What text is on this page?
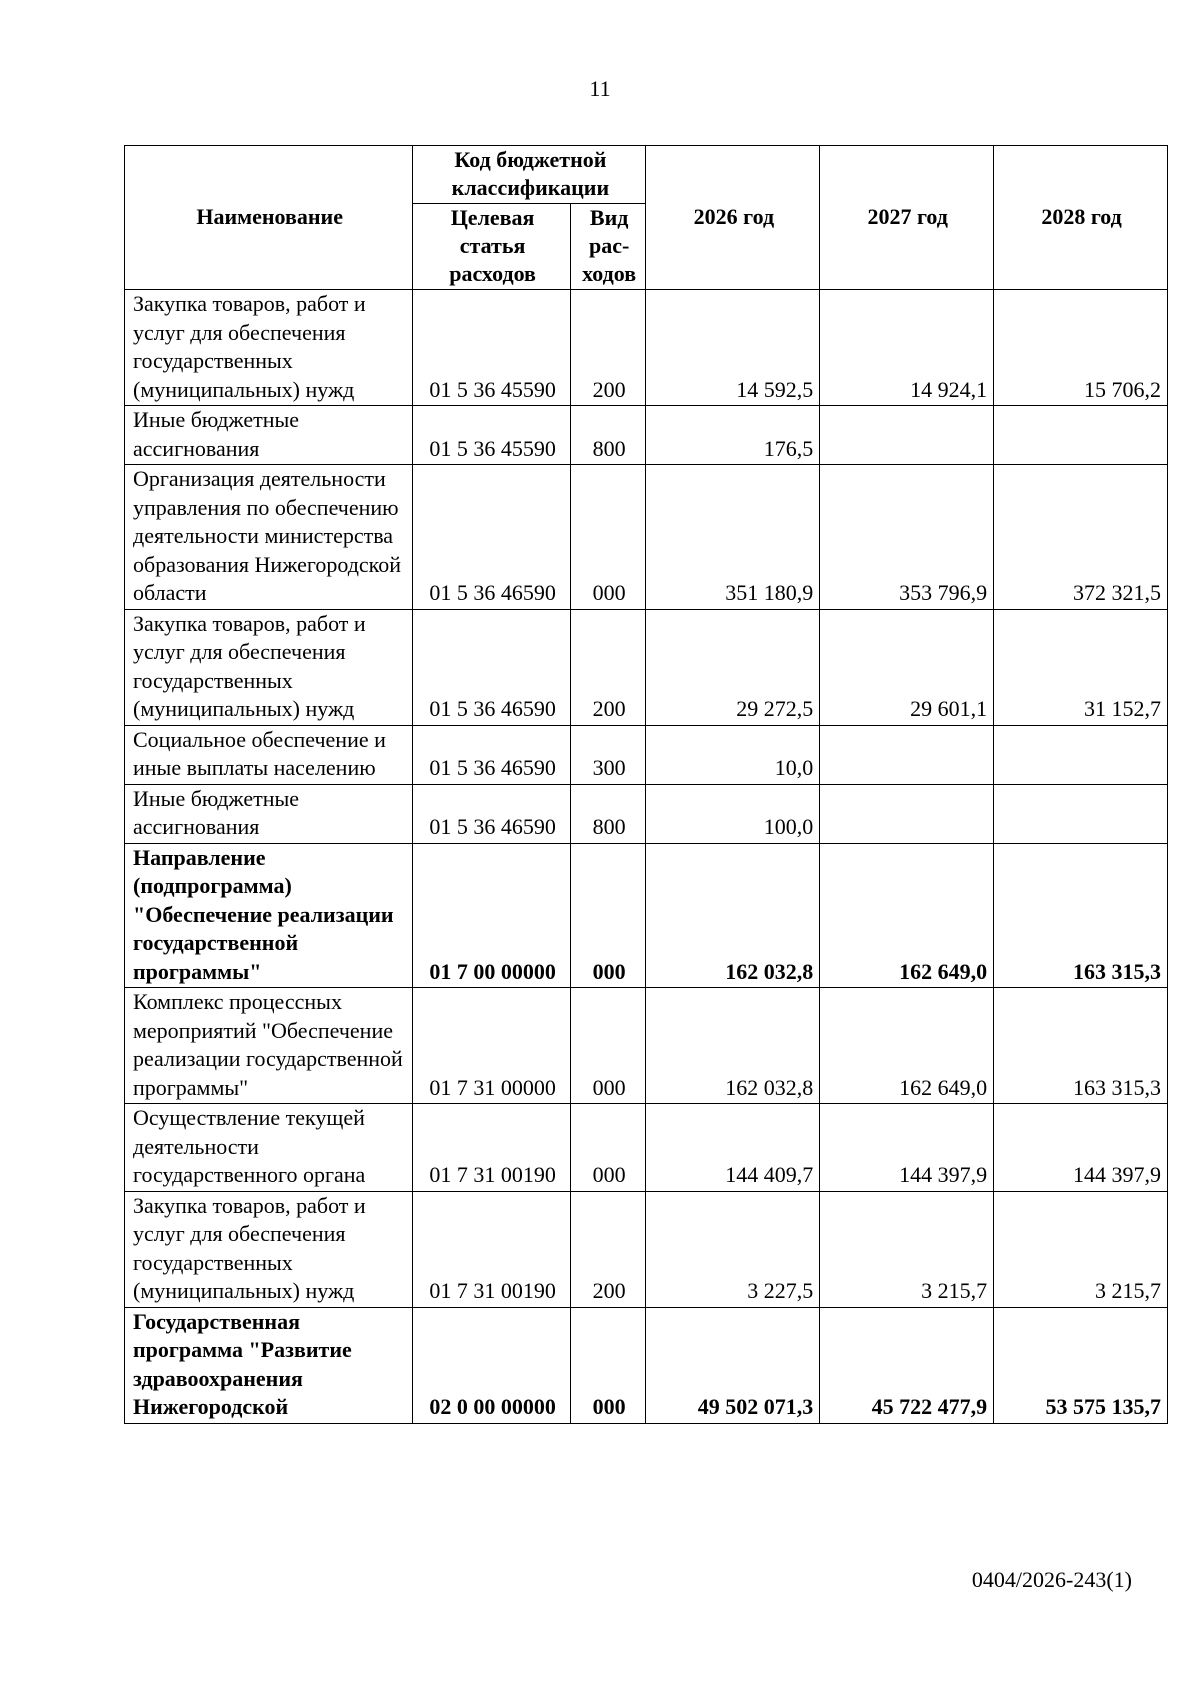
11
Наименование	Код бюджетной классификации		2026 год	2027 год	2028 год
	Целевая статья расходов	Вид рас- ходов			
Закупка товаров, работ и услуг для обеспечения государственных (муниципальных) нужд	01 5 36 45590	200	14 592,5	14 924,1	15 706,2
Иные бюджетные ассигнования	01 5 36 45590	800	176,5		
Организация деятельности управления по обеспечению деятельности министерства образования Нижегородской области	01 5 36 46590	000	351 180,9	353 796,9	372 321,5
Закупка товаров, работ и услуг для обеспечения государственных (муниципальных) нужд	01 5 36 46590	200	29 272,5	29 601,1	31 152,7
Социальное обеспечение и иные выплаты населению	01 5 36 46590	300	10,0		
Иные бюджетные ассигнования	01 5 36 46590	800	100,0		
Направление (подпрограмма) "Обеспечение реализации государственной программы"	01 7 00 00000	000	162 032,8	162 649,0	163 315,3
Комплекс процессных мероприятий "Обеспечение реализации государственной программы"	01 7 31 00000	000	162 032,8	162 649,0	163 315,3
Осуществление текущей деятельности государственного органа	01 7 31 00190	000	144 409,7	144 397,9	144 397,9
Закупка товаров, работ и услуг для обеспечения государственных (муниципальных) нужд	01 7 31 00190	200	3 227,5	3 215,7	3 215,7
Государственная программа "Развитие здравоохранения Нижегородской	02 0 00 00000	000	49 502 071,3	45 722 477,9	53 575 135,7
0404/2026-243(1)
